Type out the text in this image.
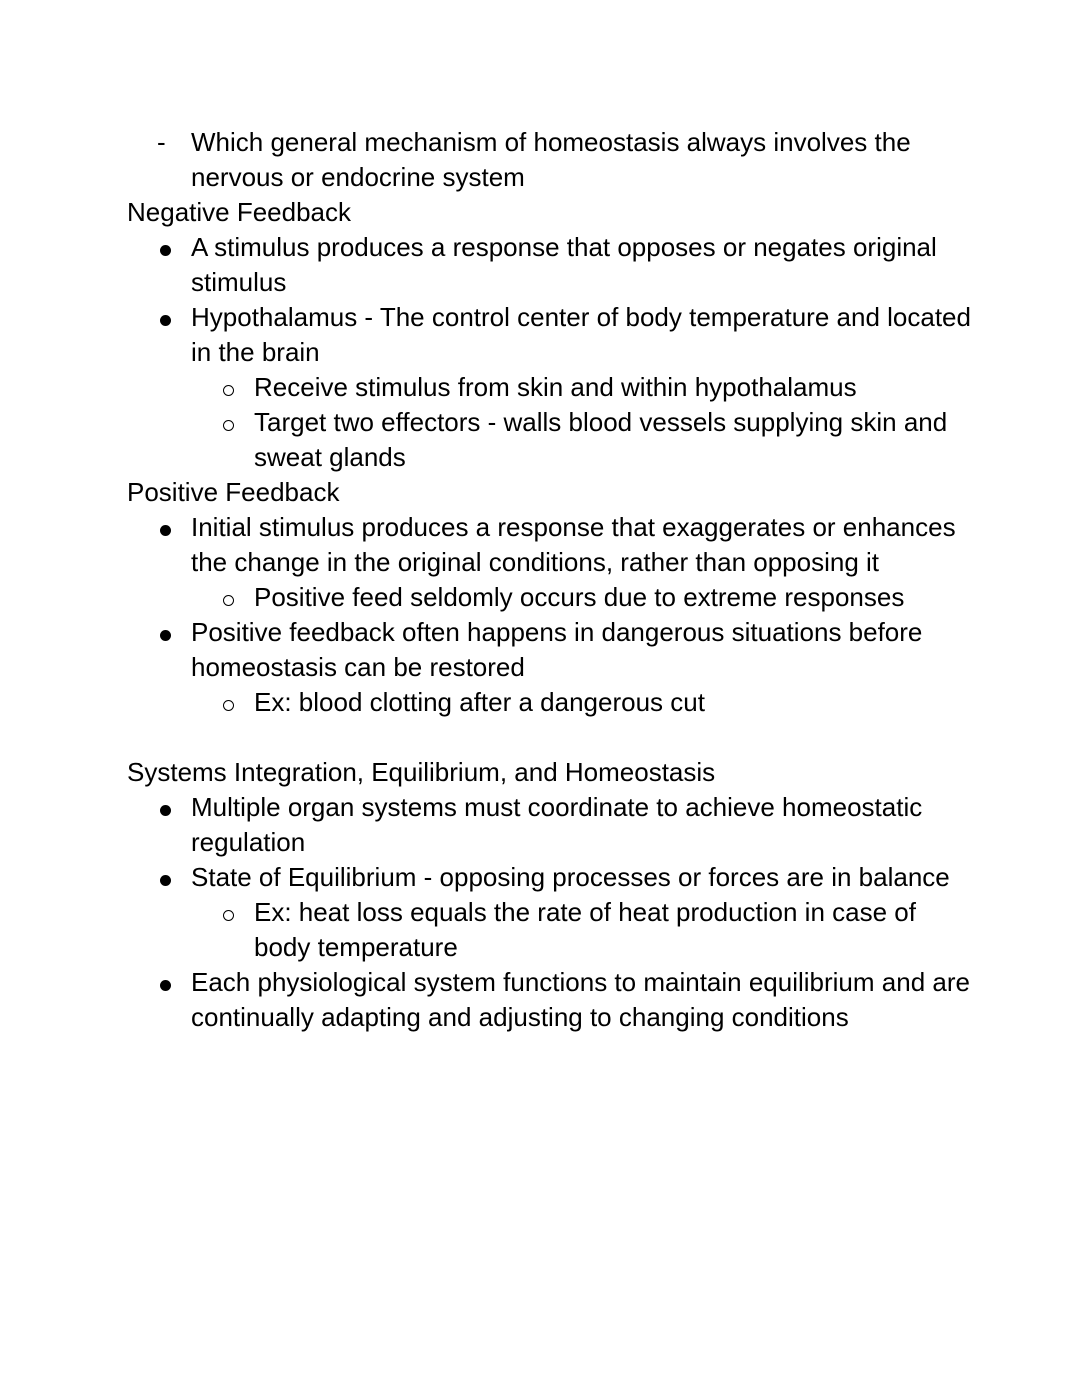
- Which general mechanism of homeostasis always involves the nervous or endocrine system
Negative Feedback
A stimulus produces a response that opposes or negates original stimulus
Hypothalamus - The control center of body temperature and located in the brain
Receive stimulus from skin and within hypothalamus
Target two effectors - walls blood vessels supplying skin and sweat glands
Positive Feedback
Initial stimulus produces a response that exaggerates or enhances the change in the original conditions, rather than opposing it
Positive feed seldomly occurs due to extreme responses
Positive feedback often happens in dangerous situations before homeostasis can be restored
Ex: blood clotting after a dangerous cut
Systems Integration, Equilibrium, and Homeostasis
Multiple organ systems must coordinate to achieve homeostatic regulation
State of Equilibrium - opposing processes or forces are in balance
Ex: heat loss equals the rate of heat production in case of body temperature
Each physiological system functions to maintain equilibrium and are continually adapting and adjusting to changing conditions
